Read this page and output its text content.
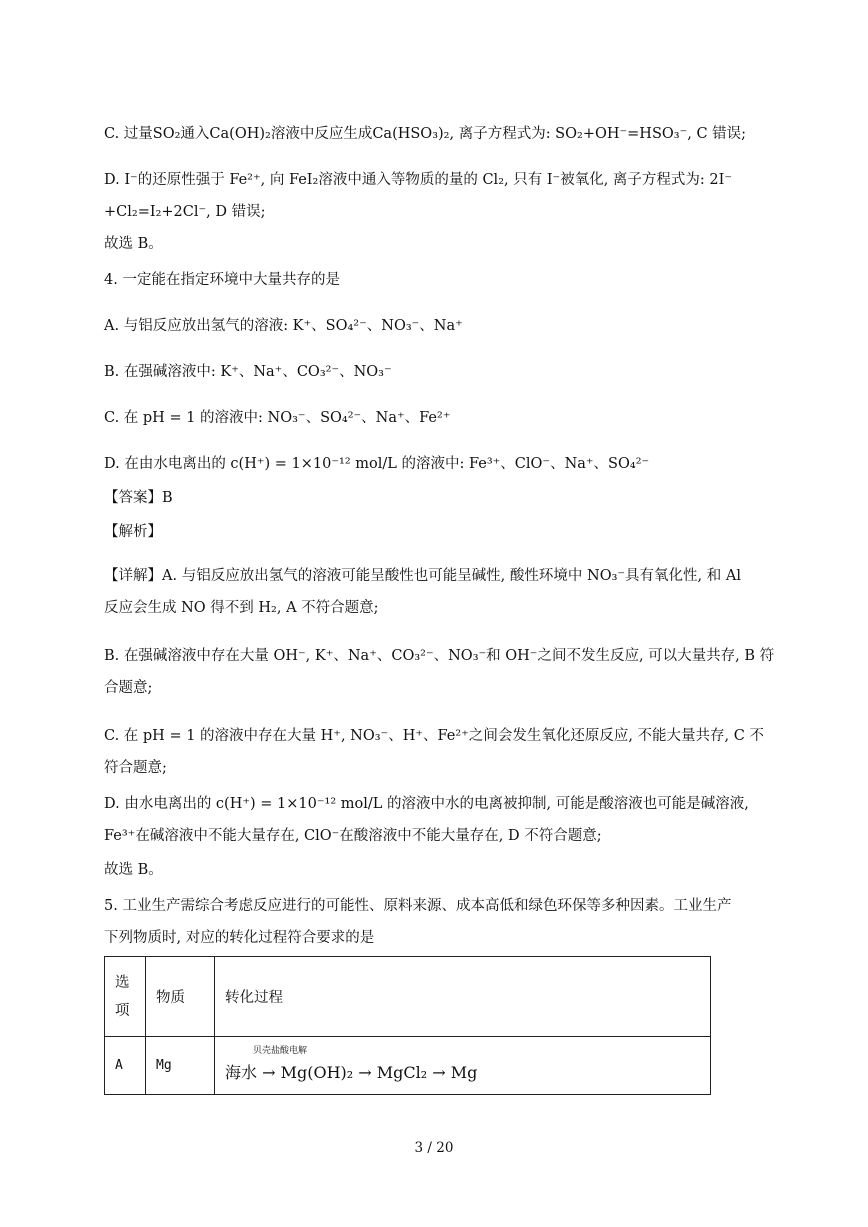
C. 过量SO₂通入Ca(OH)₂溶液中反应生成Ca(HSO₃)₂, 离子方程式为: SO₂+OH⁻=HSO₃⁻, C 错误;
D. I⁻的还原性强于 Fe²⁺, 向 FeI₂溶液中通入等物质的量的 Cl₂, 只有 I⁻被氧化, 离子方程式为: 2I⁻
+Cl₂=I₂+2Cl⁻, D 错误;
故选 B。
4. 一定能在指定环境中大量共存的是
A. 与铝反应放出氢气的溶液: K⁺、SO₄²⁻、NO₃⁻、Na⁺
B. 在强碱溶液中: K⁺、Na⁺、CO₃²⁻、NO₃⁻
C. 在 pH = 1 的溶液中: NO₃⁻、SO₄²⁻、Na⁺、Fe²⁺
D. 在由水电离出的 c(H⁺) = 1×10⁻¹² mol/L 的溶液中: Fe³⁺、ClO⁻、Na⁺、SO₄²⁻
【答案】B
【解析】
【详解】A. 与铝反应放出氢气的溶液可能呈酸性也可能呈碱性, 酸性环境中 NO₃⁻具有氧化性, 和 Al
反应会生成 NO 得不到 H₂, A 不符合题意;
B. 在强碱溶液中存在大量 OH⁻, K⁺、Na⁺、CO₃²⁻、NO₃⁻和 OH⁻之间不发生反应, 可以大量共存, B 符
合题意;
C. 在 pH = 1 的溶液中存在大量 H⁺, NO₃⁻、H⁺、Fe²⁺之间会发生氧化还原反应, 不能大量共存, C 不
符合题意;
D. 由水电离出的 c(H⁺) = 1×10⁻¹² mol/L 的溶液中水的电离被抑制, 可能是酸溶液也可能是碱溶液,
Fe³⁺在碱溶液中不能大量存在, ClO⁻在酸溶液中不能大量存在, D 不符合题意;
故选 B。
5. 工业生产需综合考虑反应进行的可能性、原料来源、成本高低和绿色环保等多种因素。工业生产
下列物质时, 对应的转化过程符合要求的是
选项	物质	转化过程
A	Mg	贝壳盐酸电解
海水 → Mg(OH)₂ → MgCl₂ → Mg
3 / 20
